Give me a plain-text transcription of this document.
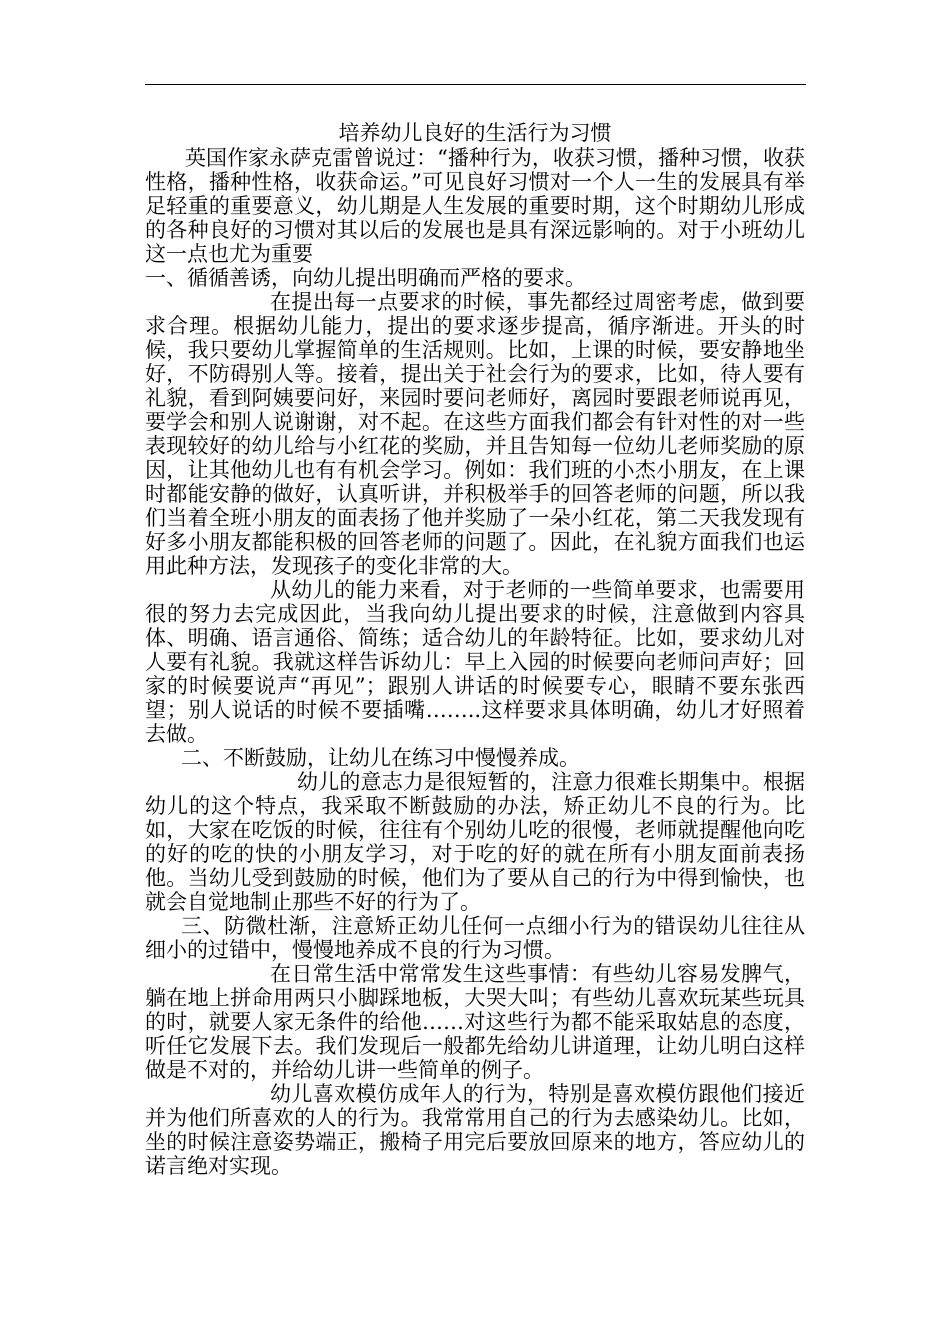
培养幼儿良好的生活行为习惯

英国作家永萨克雷曾说过：“播种行为，收获习惯，播种习惯，收获性格，播种性格，收获命运。”可见良好习惯对一个人一生的发展具有举足轻重的重要意义，幼儿期是人生发展的重要时期，这个时期幼儿形成的各种良好的习惯对其以后的发展也是具有深远影响的。对于小班幼儿这一点也尤为重要

一、循循善诱，向幼儿提出明确而严格的要求。

在提出每一点要求的时候，事先都经过周密考虑，做到要求合理。根据幼儿能力，提出的要求逐步提高，循序渐进。开头的时候，我只要幼儿掌握简单的生活规则。比如，上课的时候，要安静地坐好，不防碍别人等。接着，提出关于社会行为的要求，比如，待人要有礼貌，看到阿姨要问好，来园时要问老师好，离园时要跟老师说再见，要学会和别人说谢谢，对不起。在这些方面我们都会有针对性的对一些表现较好的幼儿给与小红花的奖励，并且告知每一位幼儿老师奖励的原因，让其他幼儿也有有机会学习。例如：我们班的小杰小朋友，在上课时都能安静的做好，认真听讲，并积极举手的回答老师的问题，所以我们当着全班小朋友的面表扬了他并奖励了一朵小红花，第二天我发现有好多小朋友都能积极的回答老师的问题了。因此，在礼貌方面我们也运用此种方法，发现孩子的变化非常的大。

从幼儿的能力来看，对于老师的一些简单要求，也需要用很的努力去完成因此，当我向幼儿提出要求的时候，注意做到内容具体、明确、语言通俗、简练；适合幼儿的年龄特征。比如，要求幼儿对人要有礼貌。我就这样告诉幼儿：早上入园的时候要向老师问声好；回家的时候要说声“再见”；跟别人讲话的时候要专心，眼睛不要东张西望；别人说话的时候不要插嘴……..这样要求具体明确，幼儿才好照着去做。

二、不断鼓励，让幼儿在练习中慢慢养成。

幼儿的意志力是很短暂的，注意力很难长期集中。根据幼儿的这个特点，我采取不断鼓励的办法，矫正幼儿不良的行为。比如，大家在吃饭的时候，往往有个别幼儿吃的很慢，老师就提醒他向吃的好的吃的快的小朋友学习，对于吃的好的就在所有小朋友面前表扬他。当幼儿受到鼓励的时候，他们为了要从自己的行为中得到愉快，也就会自觉地制止那些不好的行为了。

三、防微杜渐，注意矫正幼儿任何一点细小行为的错误幼儿往往从细小的过错中，慢慢地养成不良的行为习惯。

在日常生活中常常发生这些事情：有些幼儿容易发脾气，躺在地上拼命用两只小脚踩地板，大哭大叫；有些幼儿喜欢玩某些玩具的时，就要人家无条件的给他……对这些行为都不能采取姑息的态度，听任它发展下去。我们发现后一般都先给幼儿讲道理，让幼儿明白这样做是不对的，并给幼儿讲一些简单的例子。

幼儿喜欢模仿成年人的行为，特别是喜欢模仿跟他们接近并为他们所喜欢的人的行为。我常常用自己的行为去感染幼儿。比如，坐的时候注意姿势端正，搬椅子用完后要放回原来的地方，答应幼儿的诺言绝对实现。
